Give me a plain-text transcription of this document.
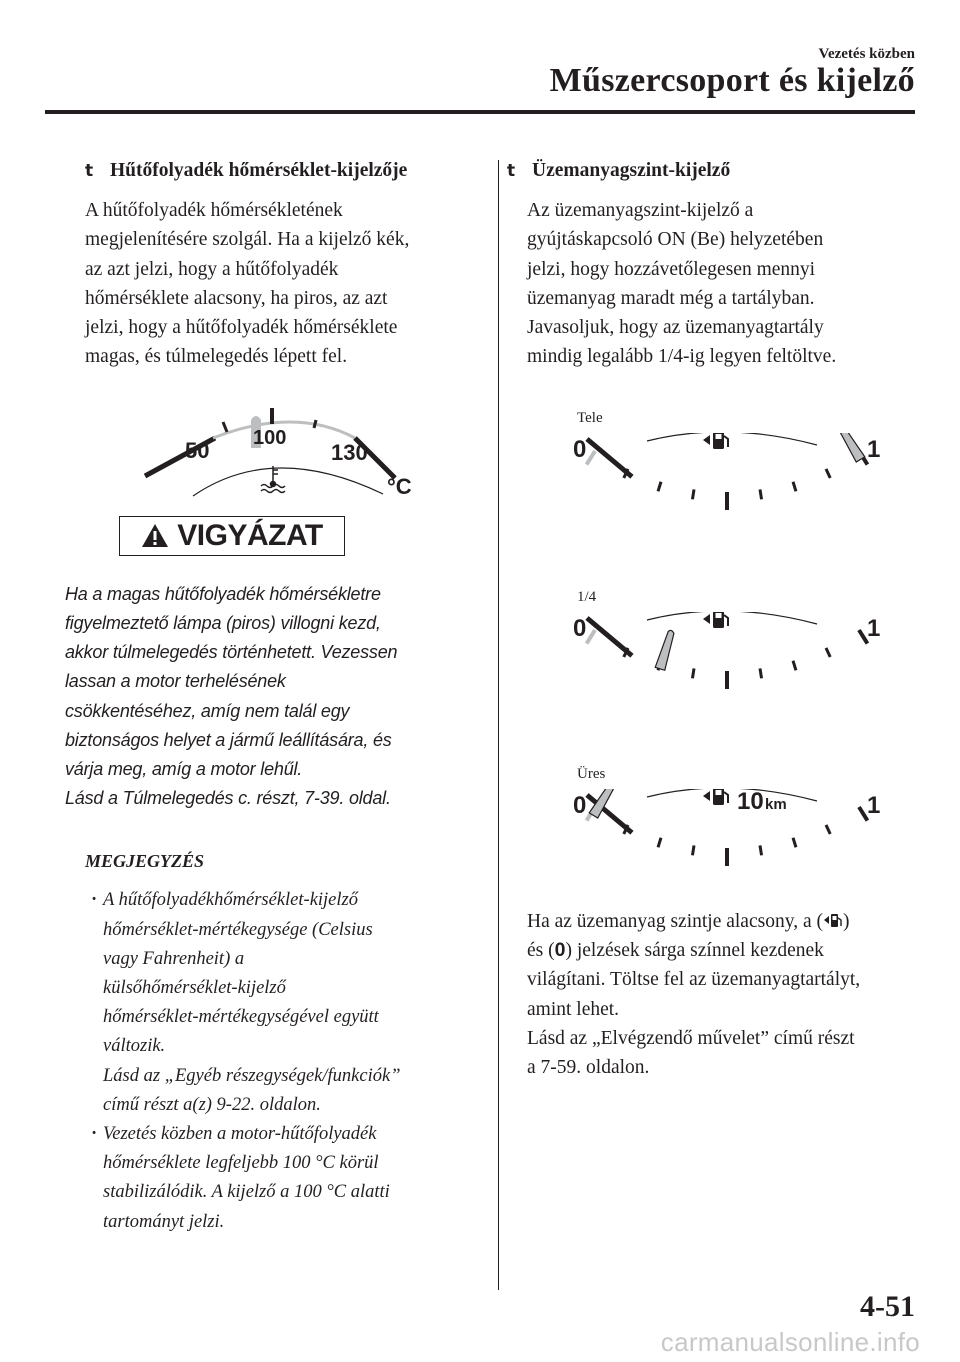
Vezetés közben
Műszercsoport és kijelző
t Hűtőfolyadék hőmérséklet-kijelzője
A hűtőfolyadék hőmérsékletének
megjelenítésére szolgál. Ha a kijelző kék,
az azt jelzi, hogy a hűtőfolyadék
hőmérséklete alacsony, ha piros, az azt
jelzi, hogy a hűtőfolyadék hőmérséklete
magas, és túlmelegedés lépett fel.
50 100
130
°C
VIGYÁZAT
Ha a magas hűtőfolyadék hőmérsékletre
figyelmeztető lámpa (piros) villogni kezd,
akkor túlmelegedés történhetett. Vezessen
lassan a motor terhelésének
csökkentéséhez, amíg nem talál egy
biztonságos helyet a jármű leállítására, és
várja meg, amíg a motor lehűl.
Lásd a Túlmelegedés c. részt, 7-39. oldal.
MEGJEGYZÉS
· A hűtőfolyadékhőmérséklet-kijelző
hőmérséklet-mértékegysége (Celsius
vagy Fahrenheit) a
külsőhőmérséklet-kijelző
hőmérséklet-mértékegységével együtt
változik.
Lásd az „Egyéb részegységek/funkciók”
című részt a(z) 9-22. oldalon.
· Vezetés közben a motor-hűtőfolyadék
hőmérséklete legfeljebb 100 °C körül
stabilizálódik. A kijelző a 100 °C alatti
tartományt jelzi.
t Üzemanyagszint-kijelző
Az üzemanyagszint-kijelző a
gyújtáskapcsoló ON (Be) helyzetében
jelzi, hogy hozzávetőlegesen mennyi
üzemanyag maradt még a tartályban.
Javasoljuk, hogy az üzemanyagtartály
mindig legalább 1/4-ig legyen feltöltve.
Tele
0	1
1/4
0	1
Üres
0	1
10 km
Ha az üzemanyag szintje alacsony, a ( )
és (0) jelzések sárga színnel kezdenek
világítani. Töltse fel az üzemanyagtartályt,
amint lehet.
Lásd az „Elvégzendő művelet” című részt
a 7-59. oldalon.
4-51
carmanualsonline.info
